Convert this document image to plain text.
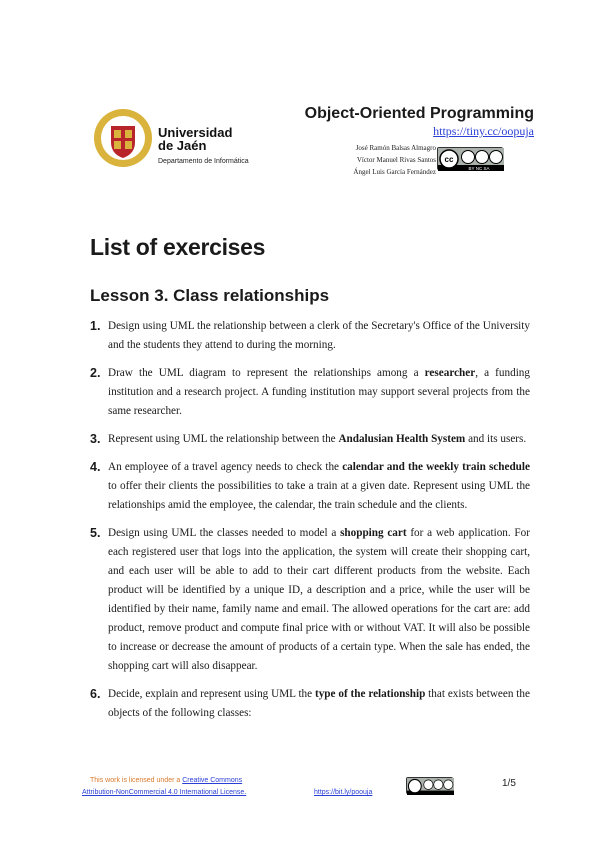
Universidad
de Jaén
Departamento de Informática
Object-Oriented Programming
https://tiny.cc/oopuja
José Ramón Balsas Almagro
Víctor Manuel Rivas Santos
Ángel Luis García Fernández
cc
BY NC SA
List of exercises
Lesson 3. Class relationships
1. Design using UML the relationship between a clerk of the Secretary's Office of the University and the students they attend to during the morning.
2. Draw the UML diagram to represent the relationships among a researcher, a funding institution and a research project. A funding institution may support several projects from the same researcher.
3. Represent using UML the relationship between the Andalusian Health System and its users.
4. An employee of a travel agency needs to check the calendar and the weekly train schedule to offer their clients the possibilities to take a train at a given date. Represent using UML the relationships amid the employee, the calendar, the train schedule and the clients.
5. Design using UML the classes needed to model a shopping cart for a web application. For each registered user that logs into the application, the system will create their shopping cart, and each user will be able to add to their cart different products from the website. Each product will be identified by a unique ID, a description and a price, while the user will be identified by their name, family name and email. The allowed operations for the cart are: add product, remove product and compute final price with or without VAT. It will also be possible to increase or decrease the amount of products of a certain type. When the sale has ended, the shopping cart will also disappear.
6. Decide, explain and represent using UML the type of the relationship that exists between the objects of the following classes:
This work is licensed under a Creative Commons
Attribution-NonCommercial 4.0 International License.	https://bit.ly/poouja
1/5
